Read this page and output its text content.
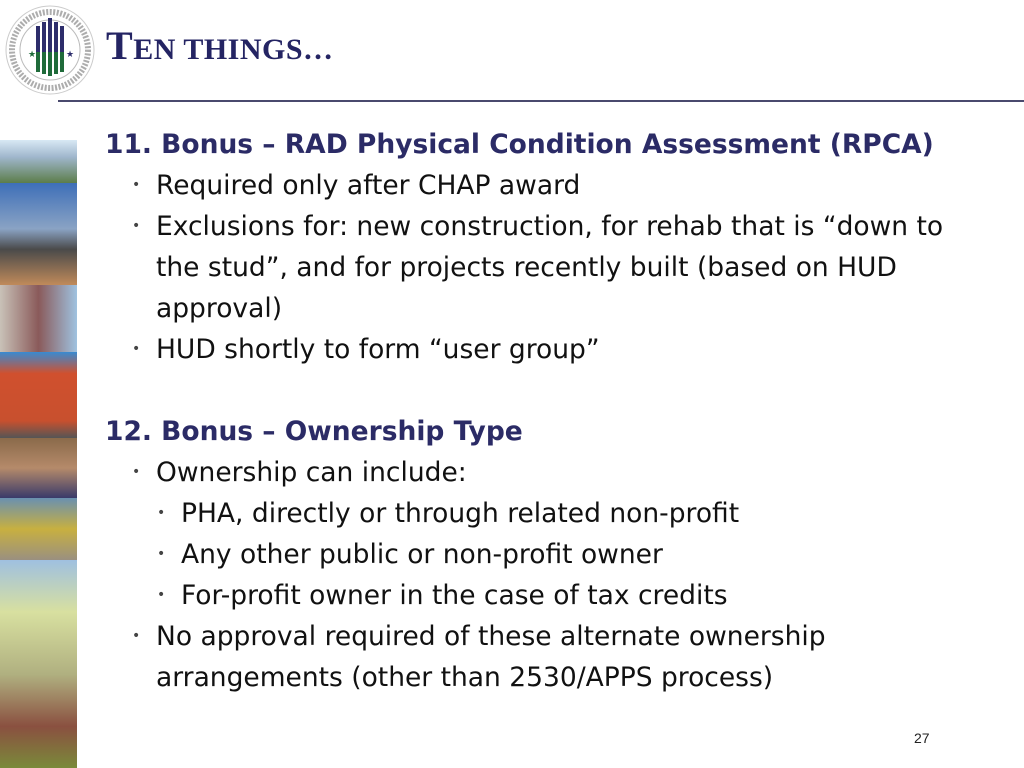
★	★ TEN THINGS…
11. Bonus – RAD Physical Condition Assessment (RPCA)
• Required only after CHAP award
• Exclusions for: new construction, for rehab that is “down to
the stud”, and for projects recently built (based on HUD
approval)
• HUD shortly to form “user group”
12. Bonus – Ownership Type
• Ownership can include:
• PHA, directly or through related non-profit
• Any other public or non-profit owner
• For-profit owner in the case of tax credits
• No approval required of these alternate ownership
arrangements (other than 2530/APPS process)
27
